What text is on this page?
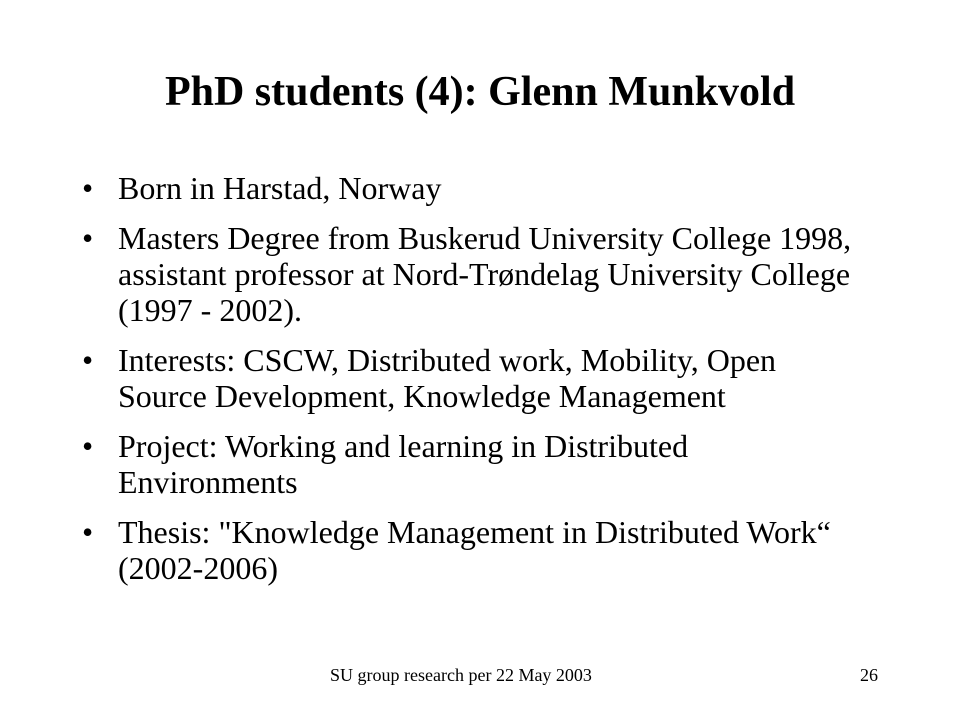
PhD students (4): Glenn Munkvold
• Born in Harstad, Norway
• Masters Degree from Buskerud University College 1998, assistant professor at Nord-Trøndelag University College (1997 - 2002).
• Interests: CSCW, Distributed work, Mobility, Open Source Development, Knowledge Management
• Project: Working and learning in Distributed Environments
• Thesis: "Knowledge Management in Distributed Work“ (2002-2006)
SU group research per 22 May 2003	26
